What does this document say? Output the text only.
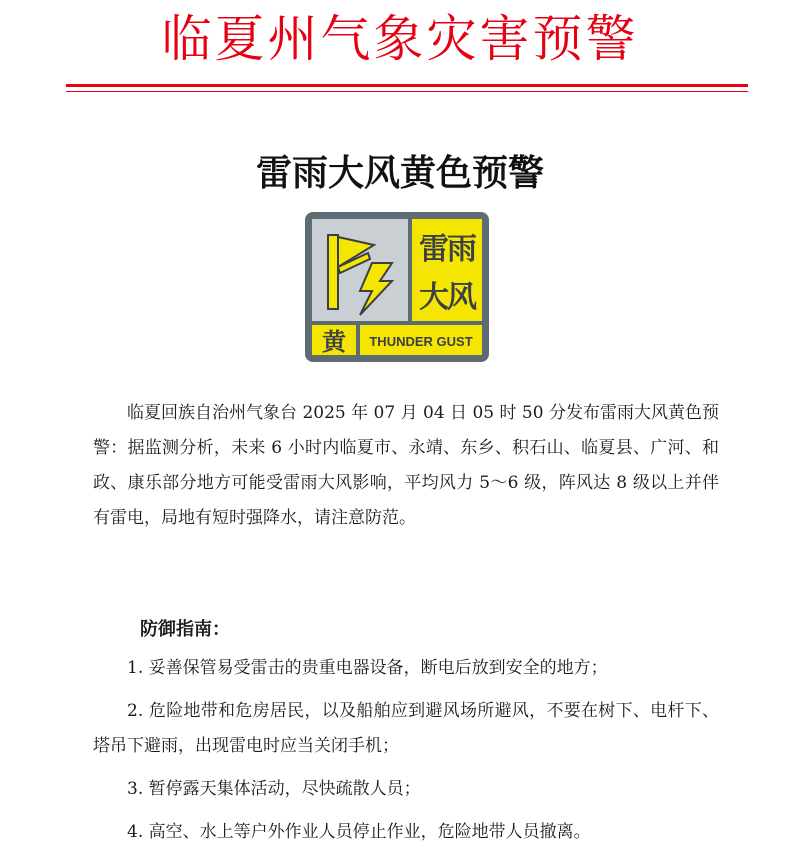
临夏州气象灾害预警
雷雨大风黄色预警
雷雨
大风
黄 THUNDER GUST

临夏回族自治州气象台 2025 年 07 月 04 日 05 时 50 分发布雷雨大风黄色预警：据监测分析，未来 6 小时内临夏市、永靖、东乡、积石山、临夏县、广河、和政、康乐部分地方可能受雷雨大风影响，平均风力 5～6 级，阵风达 8 级以上并伴有雷电，局地有短时强降水，请注意防范。

防御指南：

1. 妥善保管易受雷击的贵重电器设备，断电后放到安全的地方；
2. 危险地带和危房居民，以及船舶应到避风场所避风，不要在树下、电杆下、塔吊下避雨，出现雷电时应当关闭手机；
3. 暂停露天集体活动，尽快疏散人员；
4. 高空、水上等户外作业人员停止作业，危险地带人员撤离。
